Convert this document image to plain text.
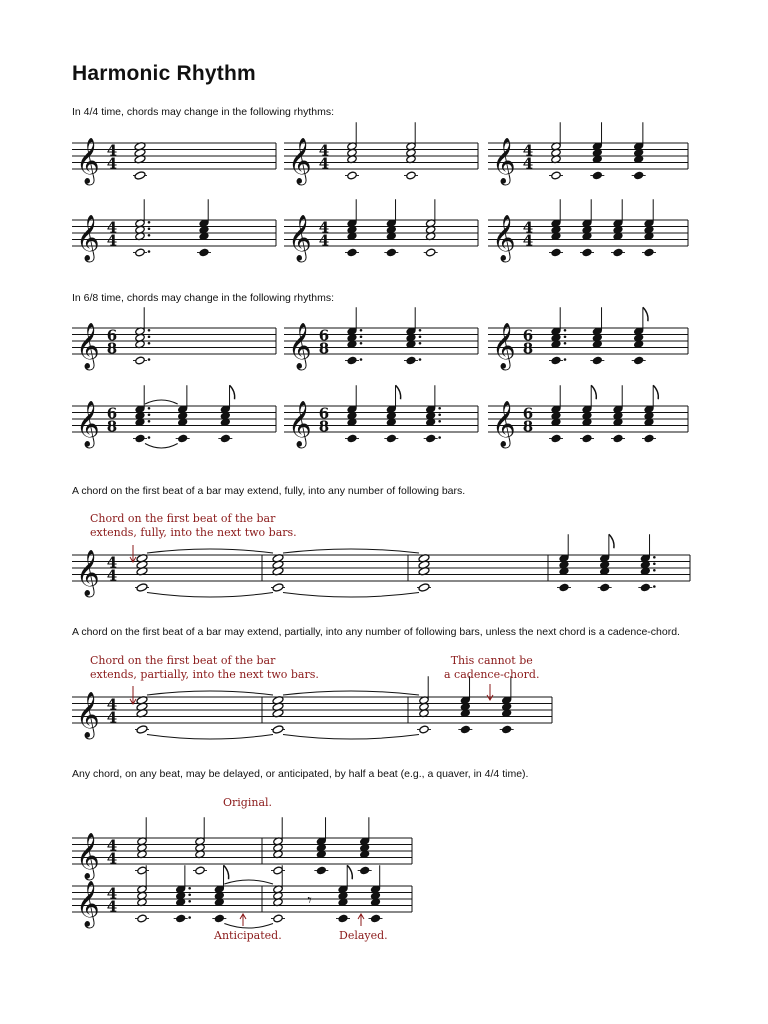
Harmonic Rhythm
In 4/4 time, chords may change in the following rhythms:
In 6/8 time, chords may change in the following rhythms:
A chord on the first beat of a bar may extend, fully, into any number of following bars.
A chord on the first beat of a bar may extend, partially, into any number of following bars, unless the next chord is a cadence-chord.
Any chord, on any beat, may be delayed, or anticipated, by half a beat (e.g., a quaver, in 4/4 time).
𝄞 4
4	𝄞 4
4	𝄞 4
4
𝄞 4
4	𝄞 4
4	𝄞 4
4
𝄞 6
8	𝄞 6
8	𝄞 6
8
𝄞 6
8	𝄞 6
8	𝄞 6
8
𝄞 4
4
𝄞 4
4
𝄞 4
4
𝄞 4
4	𝄾
Chord on the first beat of the bar
extends, fully, into the next two bars.
Chord on the first beat of the bar
extends, partially, into the next two bars.
This cannot be
a cadence-chord.
Original.
Anticipated.	Delayed.
